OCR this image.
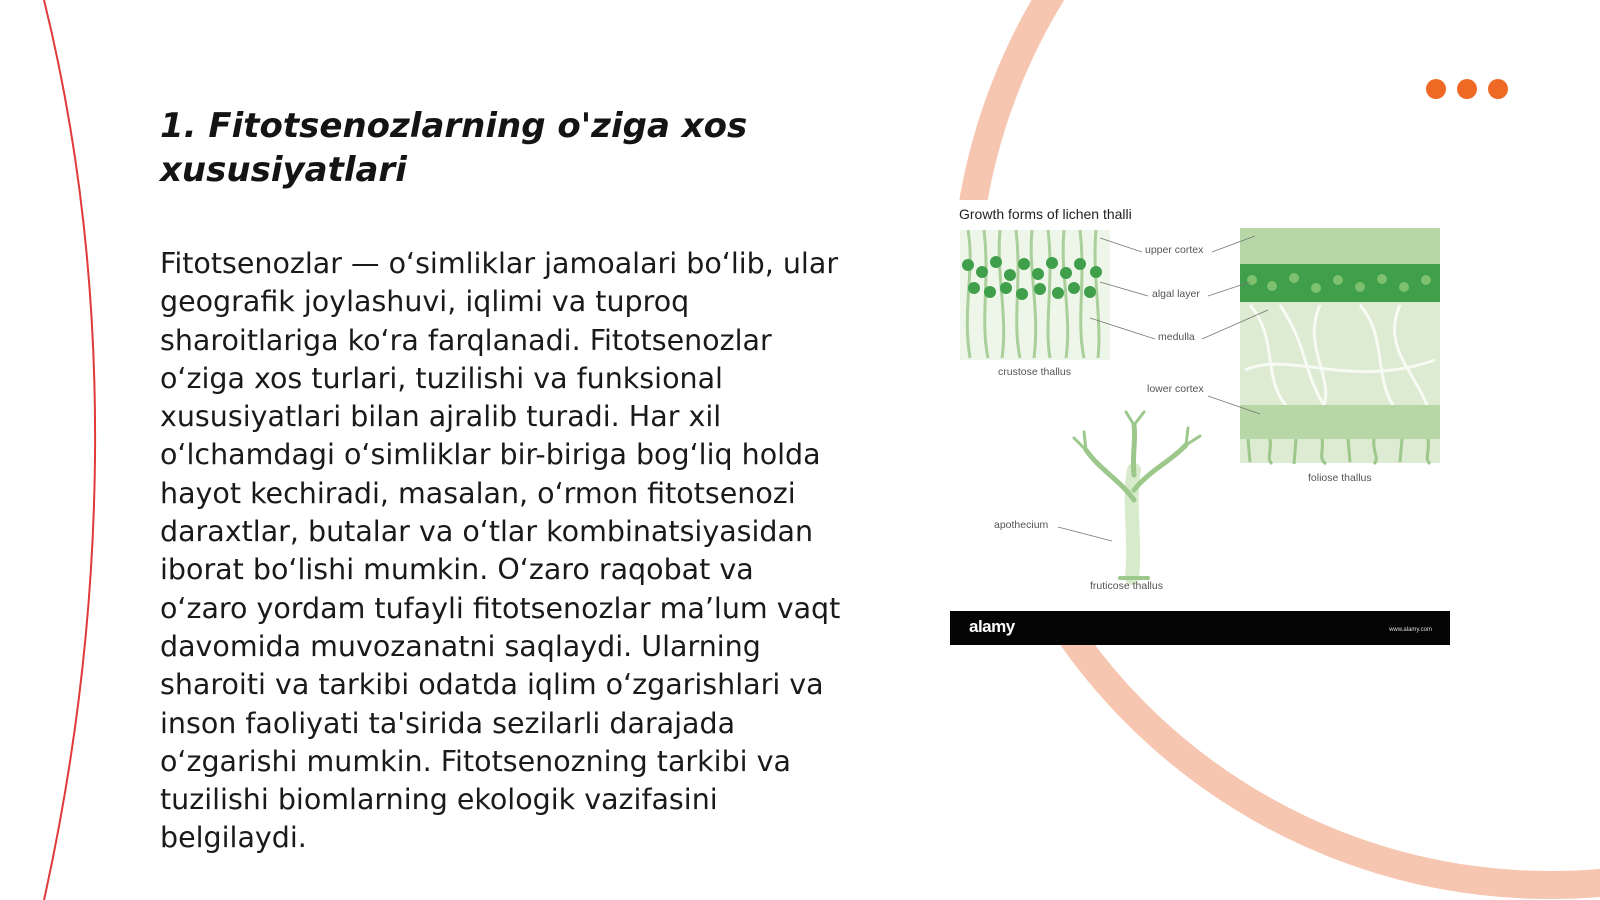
1. Fitotsenozlarning o'ziga xos xususiyatlari

Fitotsenozlar — o‘simliklar jamoalari bo‘lib, ular geografik joylashuvi, iqlimi va tuproq sharoitlariga ko‘ra farqlanadi. Fitotsenozlar o‘ziga xos turlari, tuzilishi va funksional xususiyatlari bilan ajralib turadi. Har xil o‘lchamdagi o‘simliklar bir-biriga bog‘liq holda hayot kechiradi, masalan, o‘rmon fitotsenozi daraxtlar, butalar va o‘tlar kombinatsiyasidan iborat bo‘lishi mumkin. O‘zaro raqobat va o‘zaro yordam tufayli fitotsenozlar ma’lum vaqt davomida muvozanatni saqlaydi. Ularning sharoiti va tarkibi odatda iqlim o‘zgarishlari va inson faoliyati ta'sirida sezilarli darajada o‘zgarishi mumkin. Fitotsenozning tarkibi va tuzilishi biomlarning ekologik vazifasini belgilaydi.

Growth forms of lichen thalli
upper cortex
algal layer
medulla
crustose thallus
lower cortex
foliose thallus
apothecium
fruticose thallus
alamy	www.alamy.com
